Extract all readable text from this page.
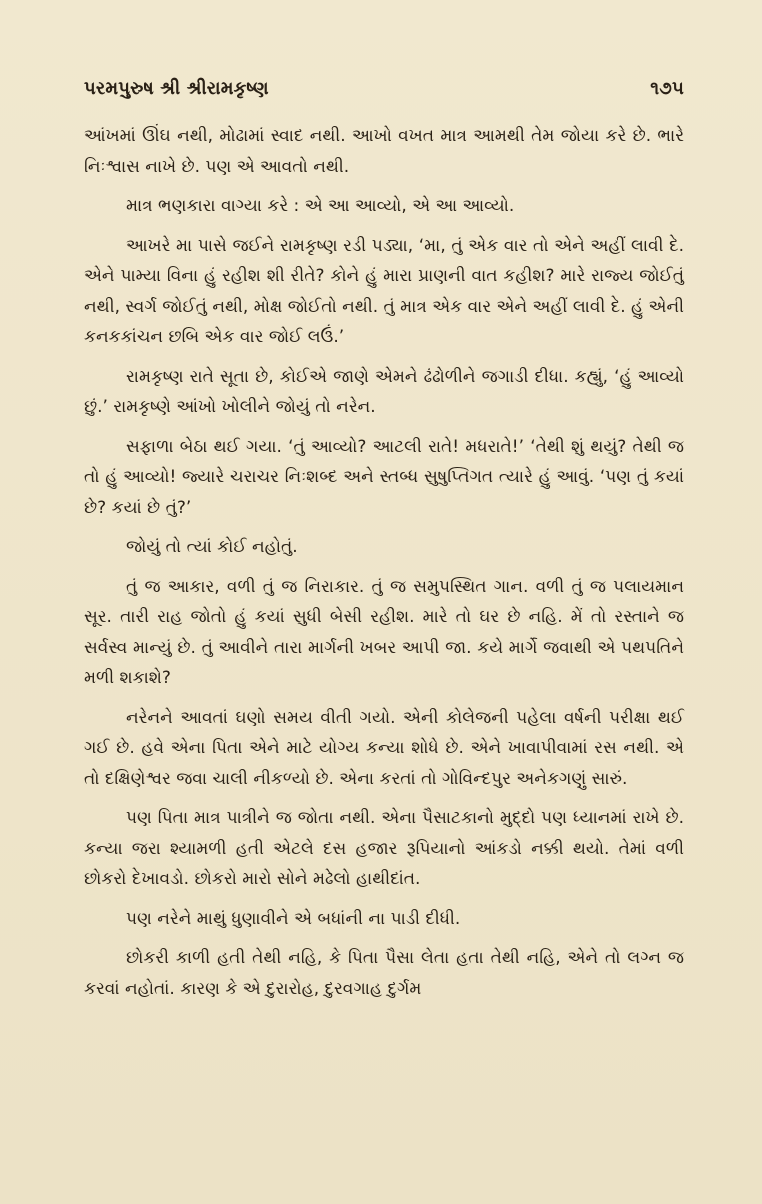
પરમપુરુષ શ્રી શ્રીરામકૃષ્ણ	૧૭૫

આંખમાં ઊંઘ નથી, મોઢામાં સ્વાદ નથી. આખો વખત માત્ર આમથી તેમ જોયા કરે છે. ભારે નિઃશ્વાસ નાખે છે. પણ એ આવતો નથી.

માત્ર ભણકારા વાગ્યા કરે : એ આ આવ્યો, એ આ આવ્યો.

આખરે મા પાસે જઈને રામકૃષ્ણ રડી પડ્યા, ‘મા, તું એક વાર તો એને અહીં લાવી દે. એને પામ્યા વિના હું રહીશ શી રીતે? કોને હું મારા પ્રાણની વાત કહીશ? મારે રાજ્ય જોઈતું નથી, સ્વર્ગ જોઈતું નથી, મોક્ષ જોઈતો નથી. તું માત્ર એક વાર એને અહીં લાવી દે. હું એની કનકકાંચન છબિ એક વાર જોઈ લઉં.’

રામકૃષ્ણ રાતે સૂતા છે, કોઈએ જાણે એમને ઢંઢોળીને જગાડી દીધા. કહ્યું, ‘હું આવ્યો છું.’ રામકૃષ્ણે આંખો ખોલીને જોયું તો નરેન.

સફાળા બેઠા થઈ ગયા. ‘તું આવ્યો? આટલી રાતે! મધરાતે!’ ‘તેથી શું થયું? તેથી જ તો હું આવ્યો! જ્યારે ચરાચર નિઃશબ્દ અને સ્તબ્ધ સુષુપ્તિગત ત્યારે હું આવું. ‘પણ તું કયાં છે? કયાં છે તું?’

જોયું તો ત્યાં કોઈ નહોતું.

તું જ આકાર, વળી તું જ નિરાકાર. તું જ સમુપસ્થિત ગાન. વળી તું જ પલાયમાન સૂર. તારી રાહ જોતો હું કયાં સુધી બેસી રહીશ. મારે તો ઘર છે નહિ. મેં તો રસ્તાને જ સર્વસ્વ માન્યું છે. તું આવીને તારા માર્ગની ખબર આપી જા. કયે માર્ગે જવાથી એ પથપતિને મળી શકાશે?

નરેનને આવતાં ઘણો સમય વીતી ગયો. એની કોલેજની પહેલા વર્ષની પરીક્ષા થઈ ગઈ છે. હવે એના પિતા એને માટે યોગ્ય કન્યા શોધે છે. એને ખાવાપીવામાં રસ નથી. એ તો દક્ષિણેશ્વર જવા ચાલી નીકળ્યો છે. એના કરતાં તો ગોવિન્દપુર અનેકગણું સારું.

પણ પિતા માત્ર પાત્રીને જ જોતા નથી. એના પૈસાટકાનો મુદ્દો પણ ધ્યાનમાં રાખે છે. કન્યા જરા શ્યામળી હતી એટલે દસ હજાર રૂપિયાનો આંકડો નક્કી થયો. તેમાં વળી છોકરો દેખાવડો. છોકરો મારો સોને મઢેલો હાથીદાંત.

પણ નરેને માથું ધુણાવીને એ બધાંની ના પાડી દીધી.

છોકરી કાળી હતી તેથી નહિ, કે પિતા પૈસા લેતા હતા તેથી નહિ, એને તો લગ્ન જ કરવાં નહોતાં. કારણ કે એ દુરારોહ, દુરવગાહ દુર્ગમ
